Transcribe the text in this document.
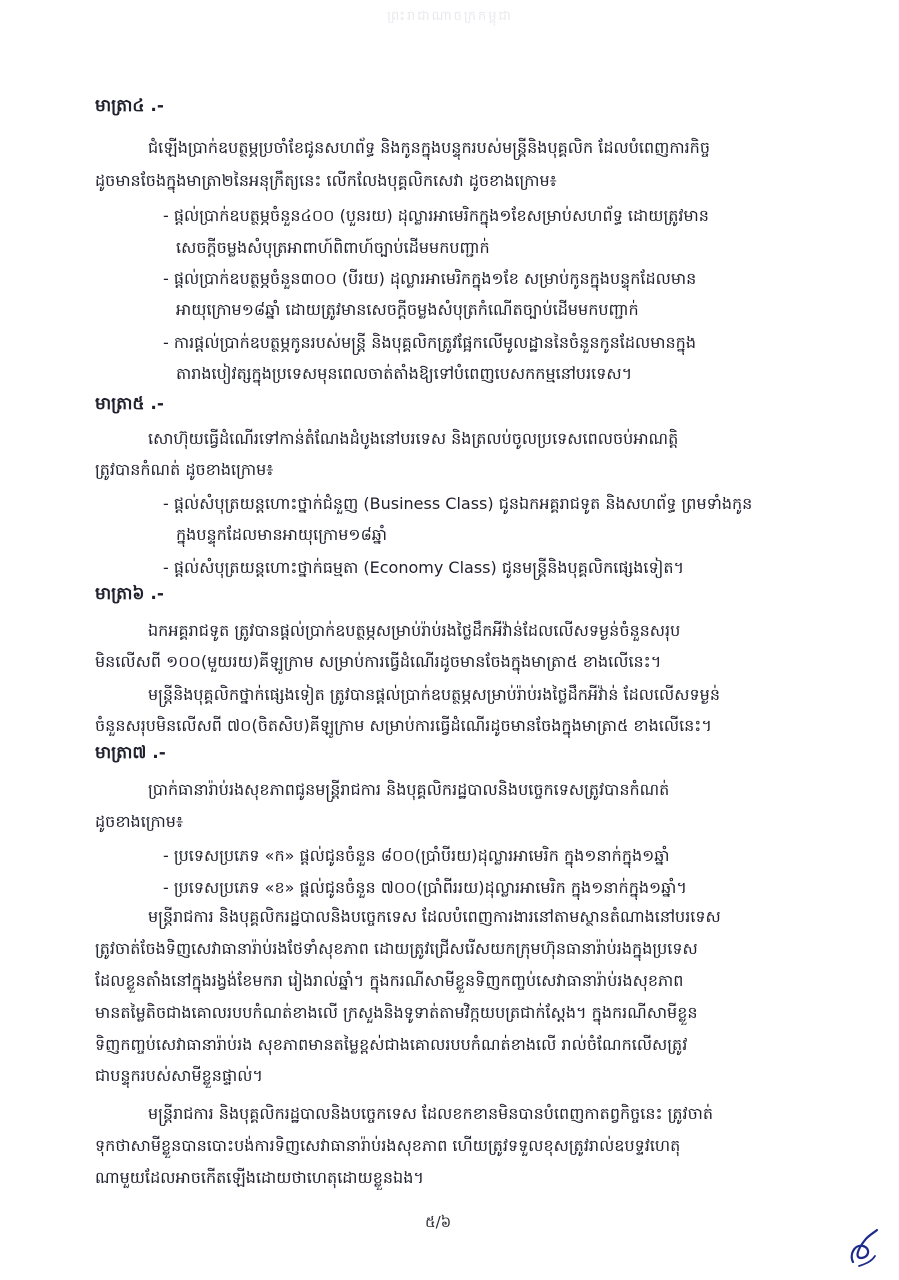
ព្រះរាជាណាចក្រកម្ពុជា
មាត្រា៤ .-
ជំឡើងប្រាក់ឧបត្ថម្ភប្រចាំខែជូនសហព័ទ្ធ និងកូនក្នុងបន្ទុករបស់មន្ត្រីនិងបុគ្គលិក ដែលបំពេញការកិច្ច
ដូចមានចែងក្នុងមាត្រា២នៃអនុក្រឹត្យនេះ លើកលែងបុគ្គលិកសេវា ដូចខាងក្រោម៖
- ផ្តល់ប្រាក់ឧបត្ថម្ភចំនួន៤០០ (បួនរយ) ដុល្លារអាមេរិកក្នុង១ខែសម្រាប់សហព័ទ្ធ ដោយត្រូវមាន
សេចក្តីចម្លងសំបុត្រអាពាហ៍ពិពាហ៍ច្បាប់ដើមមកបញ្ជាក់
- ផ្តល់ប្រាក់ឧបត្ថម្ភចំនួន៣០០ (បីរយ) ដុល្លារអាមេរិកក្នុង១ខែ សម្រាប់កូនក្នុងបន្ទុកដែលមាន
អាយុក្រោម១៨ឆ្នាំ ដោយត្រូវមានសេចក្តីចម្លងសំបុត្រកំណើតច្បាប់ដើមមកបញ្ជាក់
- ការផ្តល់ប្រាក់ឧបត្ថម្ភកូនរបស់មន្ត្រី និងបុគ្គលិកត្រូវផ្អែកលើមូលដ្ឋាននៃចំនួនកូនដែលមានក្នុង
តារាងបៀវត្សក្នុងប្រទេសមុនពេលចាត់តាំងឱ្យទៅបំពេញបេសកកម្មនៅបរទេស។
មាត្រា៥ .-
សោហ៊ុយធ្វើដំណើរទៅកាន់តំណែងដំបូងនៅបរទេស និងត្រលប់ចូលប្រទេសពេលចប់អាណត្តិ
ត្រូវបានកំណត់ ដូចខាងក្រោម៖
- ផ្តល់សំបុត្រយន្តហោះថ្នាក់ជំនួញ (Business Class) ជូនឯកអគ្គរាជទូត និងសហព័ទ្ធ ព្រមទាំងកូន
ក្នុងបន្ទុកដែលមានអាយុក្រោម១៨ឆ្នាំ
- ផ្តល់សំបុត្រយន្តហោះថ្នាក់ធម្មតា (Economy Class) ជូនមន្ត្រីនិងបុគ្គលិកផ្សេងទៀត។
មាត្រា៦ .-
ឯកអគ្គរាជទូត ត្រូវបានផ្តល់ប្រាក់ឧបត្ថម្ភសម្រាប់រ៉ាប់រងថ្លៃដឹកអីវ៉ាន់ដែលលើសទម្ងន់ចំនួនសរុប
មិនលើសពី ១០០(មួយរយ)គីឡូក្រាម សម្រាប់ការធ្វើដំណើរដូចមានចែងក្នុងមាត្រា៥ ខាងលើនេះ។
មន្ត្រីនិងបុគ្គលិកថ្នាក់ផ្សេងទៀត ត្រូវបានផ្តល់ប្រាក់ឧបត្ថម្ភសម្រាប់រ៉ាប់រងថ្លៃដឹកអីវ៉ាន់ ដែលលើសទម្ងន់
ចំនួនសរុបមិនលើសពី ៧០(ចិតសិប)គីឡូក្រាម សម្រាប់ការធ្វើដំណើរដូចមានចែងក្នុងមាត្រា៥ ខាងលើនេះ។
មាត្រា៧ .-
ប្រាក់ធានារ៉ាប់រងសុខភាពជូនមន្ត្រីរាជការ និងបុគ្គលិករដ្ឋបាលនិងបច្ចេកទេសត្រូវបានកំណត់
ដូចខាងក្រោម៖
- ប្រទេសប្រភេទ «ក» ផ្តល់ជូនចំនួន ៨០០(ប្រាំបីរយ)ដុល្លារអាមេរិក ក្នុង១នាក់ក្នុង១ឆ្នាំ
- ប្រទេសប្រភេទ «ខ» ផ្តល់ជូនចំនួន ៧០០(ប្រាំពីររយ)ដុល្លារអាមេរិក ក្នុង១នាក់ក្នុង១ឆ្នាំ។
មន្ត្រីរាជការ និងបុគ្គលិករដ្ឋបាលនិងបច្ចេកទេស ដែលបំពេញការងារនៅតាមស្ថានតំណាងនៅបរទេស
ត្រូវចាត់ចែងទិញសេវាធានារ៉ាប់រងថែទាំសុខភាព ដោយត្រូវជ្រើសរើសយកក្រុមហ៊ុនធានារ៉ាប់រងក្នុងប្រទេស
ដែលខ្លួនតាំងនៅក្នុងរង្វង់ខែមករា រៀងរាល់ឆ្នាំ។ ក្នុងករណីសាមីខ្លួនទិញកញ្ចប់សេវាធានារ៉ាប់រងសុខភាព
មានតម្លៃតិចជាងគោលរបបកំណត់ខាងលើ ក្រសួងនិងទូទាត់តាមវិក្កយបត្រជាក់ស្តែង។ ក្នុងករណីសាមីខ្លួន
ទិញកញ្ចប់សេវាធានារ៉ាប់រង សុខភាពមានតម្លៃខ្ពស់ជាងគោលរបបកំណត់ខាងលើ រាល់ចំណែកលើសត្រូវ
ជាបន្ទុករបស់សាមីខ្លួនផ្ទាល់។
មន្ត្រីរាជការ និងបុគ្គលិករដ្ឋបាលនិងបច្ចេកទេស ដែលខកខានមិនបានបំពេញកាតព្វកិច្ចនេះ ត្រូវចាត់
ទុកថាសាមីខ្លួនបានបោះបង់ការទិញសេវាធានារ៉ាប់រងសុខភាព ហើយត្រូវទទួលខុសត្រូវរាល់ឧបទ្ទវហេតុ
ណាមួយដែលអាចកើតឡើងដោយថាហេតុដោយខ្លួនឯង។
៥/៦
